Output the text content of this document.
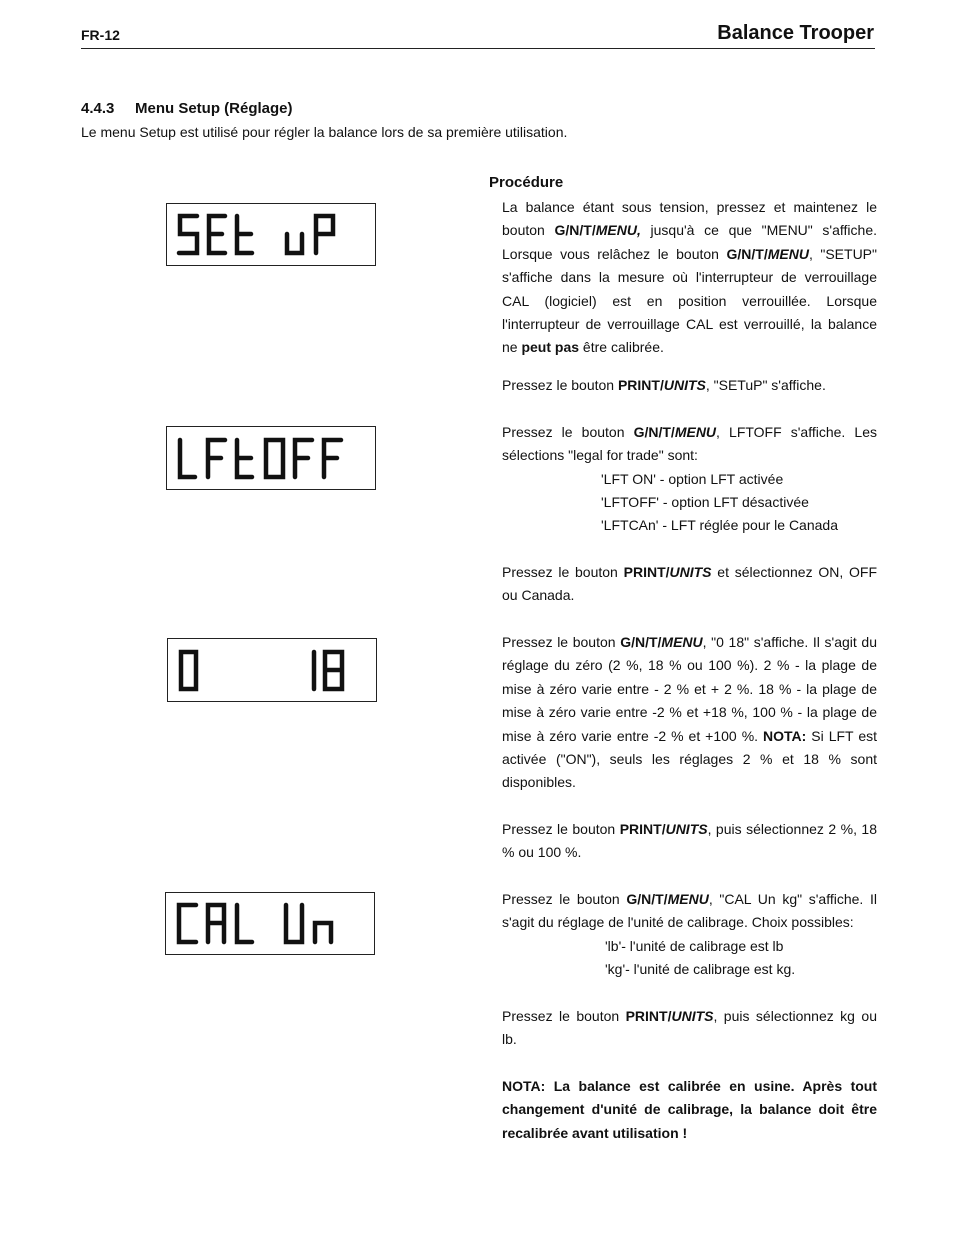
FR-12	Balance Trooper
4.4.3 Menu Setup (Réglage)
Le menu Setup est utilisé pour régler la balance lors de sa première utilisation.
Procédure

La balance étant sous tension, pressez et maintenez le bouton G/N/T/MENU, jusqu'à ce que "MENU" s'affiche. Lorsque vous relâchez le bouton G/N/T/MENU, "SETUP" s'affiche dans la mesure où l'interrupteur de verrouillage CAL (logiciel) est en position verrouillée. Lorsque l'interrupteur de verrouillage CAL est verrouillé, la balance ne peut pas être calibrée.

Pressez le bouton PRINT/UNITS, "SETuP" s'affiche.

Pressez le bouton G/N/T/MENU, LFTOFF s'affiche. Les sélections "legal for trade" sont:

'LFT ON' - option LFT activée
'LFTOFF' - option LFT désactivée
'LFTCAn' - LFT réglée pour le Canada

Pressez le bouton PRINT/UNITS et sélectionnez ON, OFF ou Canada.

Pressez le bouton G/N/T/MENU, "0 18" s'affiche. Il s'agit du réglage du zéro (2 %, 18 % ou 100 %). 2 % - la plage de mise à zéro varie entre - 2 % et + 2 %. 18 % - la plage de mise à zéro varie entre -2 % et +18 %, 100 % - la plage de mise à zéro varie entre -2 % et +100 %. NOTA: Si LFT est activée ("ON"), seuls les réglages 2 % et 18 % sont disponibles.

Pressez le bouton PRINT/UNITS, puis sélectionnez 2 %, 18 % ou 100 %.

Pressez le bouton G/N/T/MENU, "CAL Un kg" s'affiche. Il s'agit du réglage de l'unité de calibrage. Choix possibles:

'lb'- l'unité de calibrage est lb
'kg'- l'unité de calibrage est kg.

Pressez le bouton PRINT/UNITS, puis sélectionnez kg ou lb.

NOTA: La balance est calibrée en usine. Après tout changement d'unité de calibrage, la balance doit être recalibrée avant utilisation !
